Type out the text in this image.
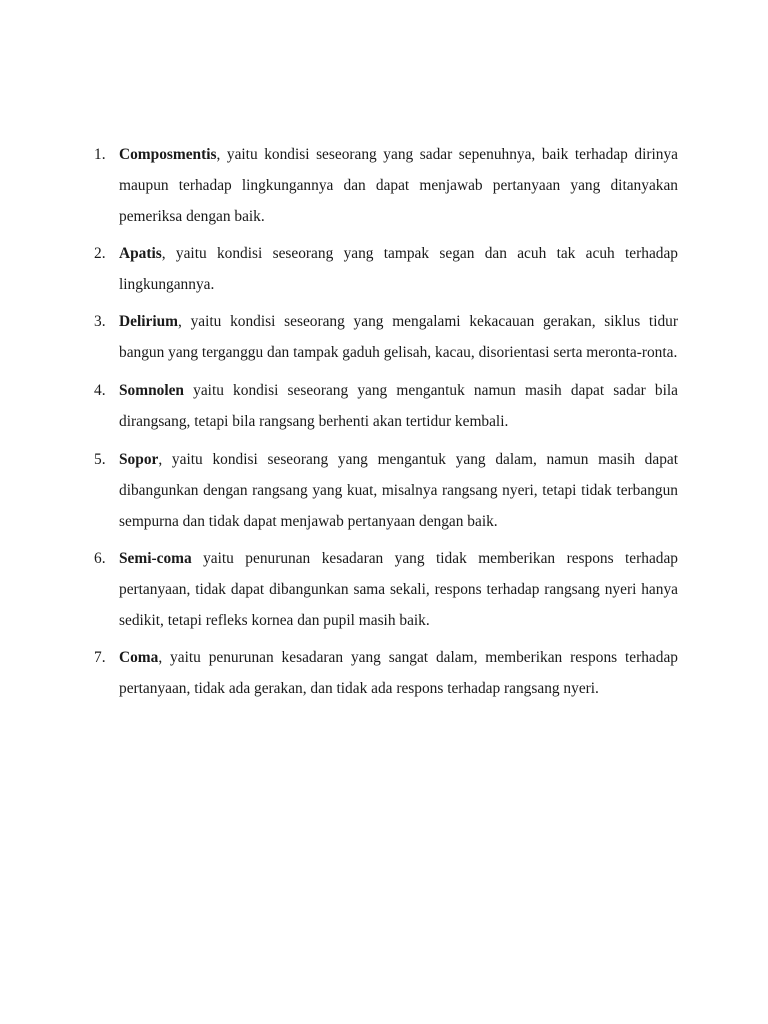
1. Composmentis, yaitu kondisi seseorang yang sadar sepenuhnya, baik terhadap dirinya maupun terhadap lingkungannya dan dapat menjawab pertanyaan yang ditanyakan pemeriksa dengan baik.
2. Apatis, yaitu kondisi seseorang yang tampak segan dan acuh tak acuh terhadap lingkungannya.
3. Delirium, yaitu kondisi seseorang yang mengalami kekacauan gerakan, siklus tidur bangun yang terganggu dan tampak gaduh gelisah, kacau, disorientasi serta meronta-ronta.
4. Somnolen yaitu kondisi seseorang yang mengantuk namun masih dapat sadar bila dirangsang, tetapi bila rangsang berhenti akan tertidur kembali.
5. Sopor, yaitu kondisi seseorang yang mengantuk yang dalam, namun masih dapat dibangunkan dengan rangsang yang kuat, misalnya rangsang nyeri, tetapi tidak terbangun sempurna dan tidak dapat menjawab pertanyaan dengan baik.
6. Semi-coma yaitu penurunan kesadaran yang tidak memberikan respons terhadap pertanyaan, tidak dapat dibangunkan sama sekali, respons terhadap rangsang nyeri hanya sedikit, tetapi refleks kornea dan pupil masih baik.
7. Coma, yaitu penurunan kesadaran yang sangat dalam, memberikan respons terhadap pertanyaan, tidak ada gerakan, dan tidak ada respons terhadap rangsang nyeri.
